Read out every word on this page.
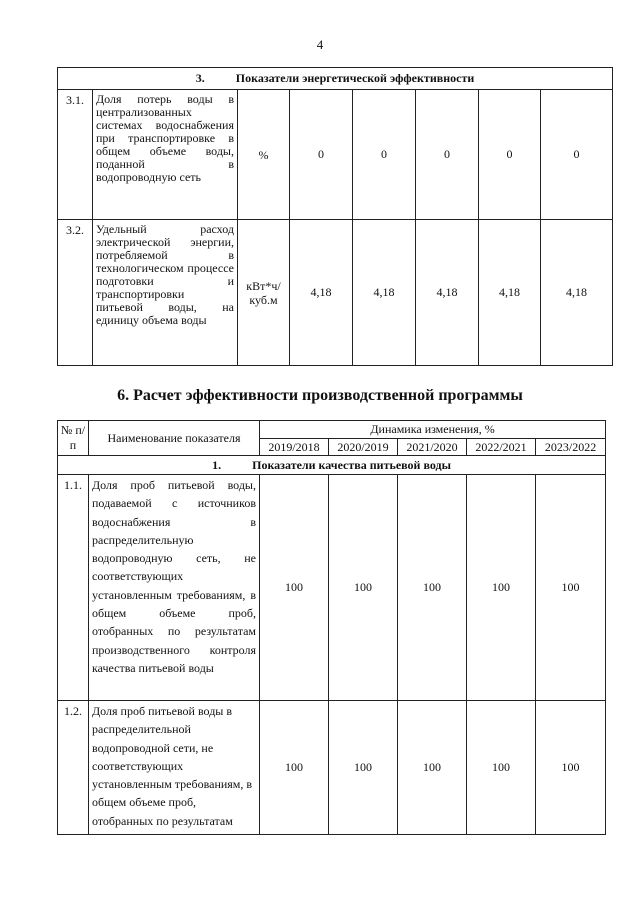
4
3. Показатели энергетической эффективности							
3.1.	Доля потерь воды в централизованных системах водоснабжения при транспортировке в общем объеме воды, поданной в водопроводную сеть	%	0	0	0	0	0
3.2.	Удельный расход электрической энергии, потребляемой в технологическом процессе подготовки и транспортировки питьевой воды, на единицу объема воды	кВт*ч/ куб.м	4,18	4,18	4,18	4,18	4,18
6. Расчет эффективности производственной программы
№ п/п	Наименование показателя	Динамика изменения, %				
		2019/2018	2020/2019	2021/2020	2022/2021	2023/2022
1. Показатели качества питьевой воды						
1.1.	Доля проб питьевой воды, подаваемой с источников водоснабжения в распределительную водопроводную сеть, не соответствующих установленным требованиям, в общем объеме проб, отобранных по результатам производственного контроля качества питьевой воды	100	100	100	100	100
1.2.	Доля проб питьевой воды в распределительной водопроводной сети, не соответствующих установленным требованиям, в общем объеме проб, отобранных по результатам	100	100	100	100	100
